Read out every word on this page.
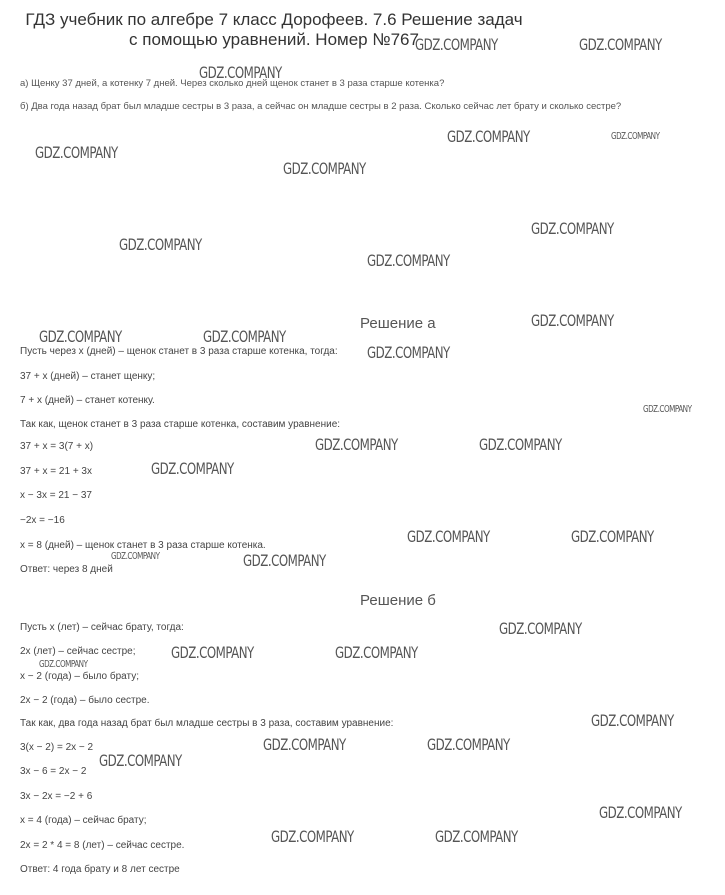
ГДЗ учебник по алгебре 7 класс Дорофеев. 7.6 Решение задач
с помощью уравнений. Номер №767
а) Щенку 37 дней, а котенку 7 дней. Через сколько дней щенок станет в 3 раза старше котенка?
б) Два года назад брат был младше сестры в 3 раза, а сейчас он младше сестры в 2 раза. Сколько сейчас лет брату и сколько сестре?
Решение а
Пусть через x (дней) – щенок станет в 3 раза старше котенка, тогда:
37 + x (дней) – станет щенку;
7 + x (дней) – станет котенку.
Так как, щенок станет в 3 раза старше котенка, составим уравнение:
37 + x = 3(7 + x)
37 + x = 21 + 3x
x − 3x = 21 − 37
−2x = −16
x = 8 (дней) – щенок станет в 3 раза старше котенка.
Ответ: через 8 дней
Решение б
Пусть x (лет) – сейчас брату, тогда:
2x (лет) – сейчас сестре;
x − 2 (года) – было брату;
2x − 2 (года) – было сестре.
Так как, два года назад брат был младше сестры в 3 раза, составим уравнение:
3(x − 2) = 2x − 2
3x − 6 = 2x − 2
3x − 2x = −2 + 6
x = 4 (года) – сейчас брату;
2x = 2 * 4 = 8 (лет) – сейчас сестре.
Ответ: 4 года брату и 8 лет сестре
GDZ.COMPANY	GDZ.COMPANY
GDZ.COMPANY
GDZ.COMPANY	GDZ.COMPANY
GDZ.COMPANY
GDZ.COMPANY
GDZ.COMPANY
GDZ.COMPANY
GDZ.COMPANY
GDZ.COMPANY
GDZ.COMPANY	GDZ.COMPANY
GDZ.COMPANY
GDZ.COMPANY
GDZ.COMPANY	GDZ.COMPANY
GDZ.COMPANY
GDZ.COMPANY	GDZ.COMPANY
GDZ.COMPANY	GDZ.COMPANY
GDZ.COMPANY
GDZ.COMPANY	GDZ.COMPANY
GDZ.COMPANY
GDZ.COMPANY
GDZ.COMPANY	GDZ.COMPANY
GDZ.COMPANY
GDZ.COMPANY
GDZ.COMPANY	GDZ.COMPANY
